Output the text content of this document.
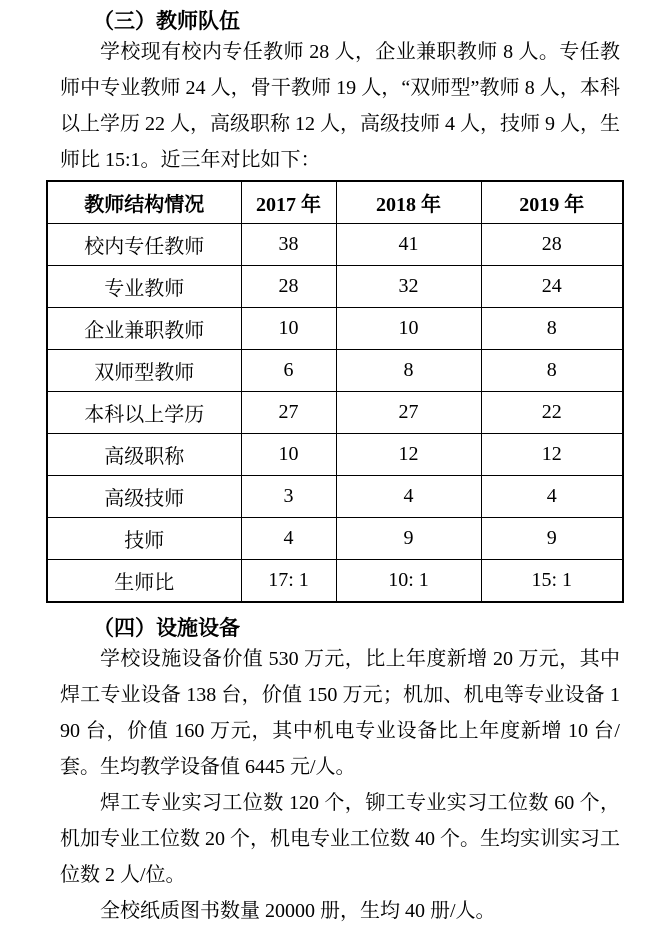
（三）教师队伍

学校现有校内专任教师 28 人，企业兼职教师 8 人。专任教师中专业教师 24 人，骨干教师 19 人，“双师型”教师 8 人，本科以上学历 22 人，高级职称 12 人，高级技师 4 人，技师 9 人，生师比 15:1。近三年对比如下：

教师结构情况	2017 年	2018 年	2019 年
校内专任教师	38	41	28
专业教师	28	32	24
企业兼职教师	10	10	8
双师型教师	6	8	8
本科以上学历	27	27	22
高级职称	10	12	12
高级技师	3	4	4
技师	4	9	9
生师比	17: 1	10: 1	15: 1
（四）设施设备

学校设施设备价值 530 万元，比上年度新增 20 万元，其中焊工专业设备 138 台，价值 150 万元；机加、机电等专业设备 190 台，价值 160 万元，其中机电专业设备比上年度新增 10 台/套。生均教学设备值 6445 元/人。

焊工专业实习工位数 120 个，铆工专业实习工位数 60 个，机加专业工位数 20 个，机电专业工位数 40 个。生均实训实习工位数 2 人/位。

全校纸质图书数量 20000 册，生均 40 册/人。
